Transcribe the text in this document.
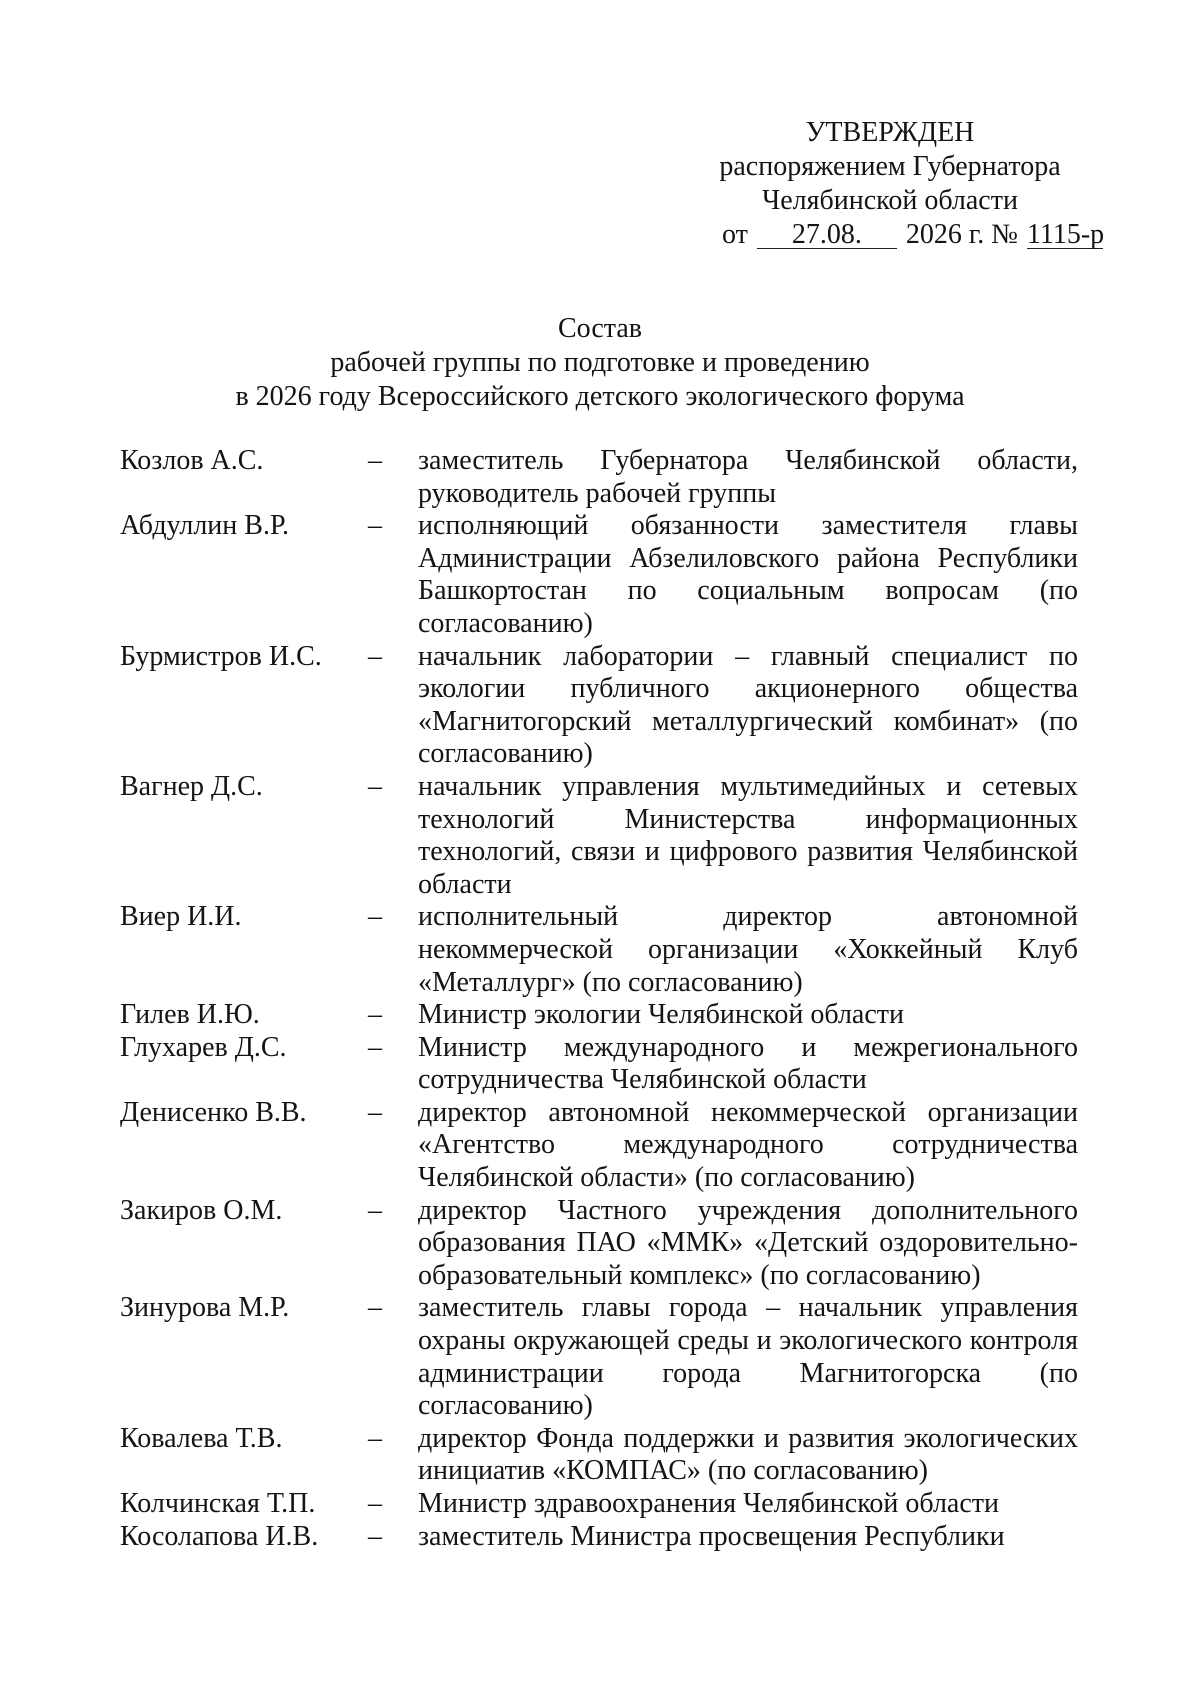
УТВЕРЖДЕН
распоряжением Губернатора
Челябинской области
от 27.08. 2026 г. № 1115-р
Состав
рабочей группы по подготовке и проведению
в 2026 году Всероссийского детского экологического форума
Козлов А.С.	–	заместитель Губернатора Челябинской области, руководитель рабочей группы
Абдуллин В.Р.	–	исполняющий обязанности заместителя главы Администрации Абзелиловского района Республики Башкортостан по социальным вопросам (по согласованию)
Бурмистров И.С.	–	начальник лаборатории – главный специалист по экологии публичного акционерного общества «Магнитогорский металлургический комбинат» (по согласованию)
Вагнер Д.С.	–	начальник управления мультимедийных и сетевых технологий Министерства информационных технологий, связи и цифрового развития Челябинской области
Виер И.И.	–	исполнительный директор автономной некоммерческой организации «Хоккейный Клуб «Металлург» (по согласованию)
Гилев И.Ю.	–	Министр экологии Челябинской области
Глухарев Д.С.	–	Министр международного и межрегионального сотрудничества Челябинской области
Денисенко В.В.	–	директор автономной некоммерческой организации «Агентство международного сотрудничества Челябинской области» (по согласованию)
Закиров О.М.	–	директор Частного учреждения дополнительного образования ПАО «ММК» «Детский оздоровительно-образовательный комплекс» (по согласованию)
Зинурова М.Р.	–	заместитель главы города – начальник управления охраны окружающей среды и экологического контроля администрации города Магнитогорска (по согласованию)
Ковалева Т.В.	–	директор Фонда поддержки и развития экологических инициатив «КОМПАС» (по согласованию)
Колчинская Т.П.	–	Министр здравоохранения Челябинской области
Косолапова И.В.	–	заместитель Министра просвещения Республики
